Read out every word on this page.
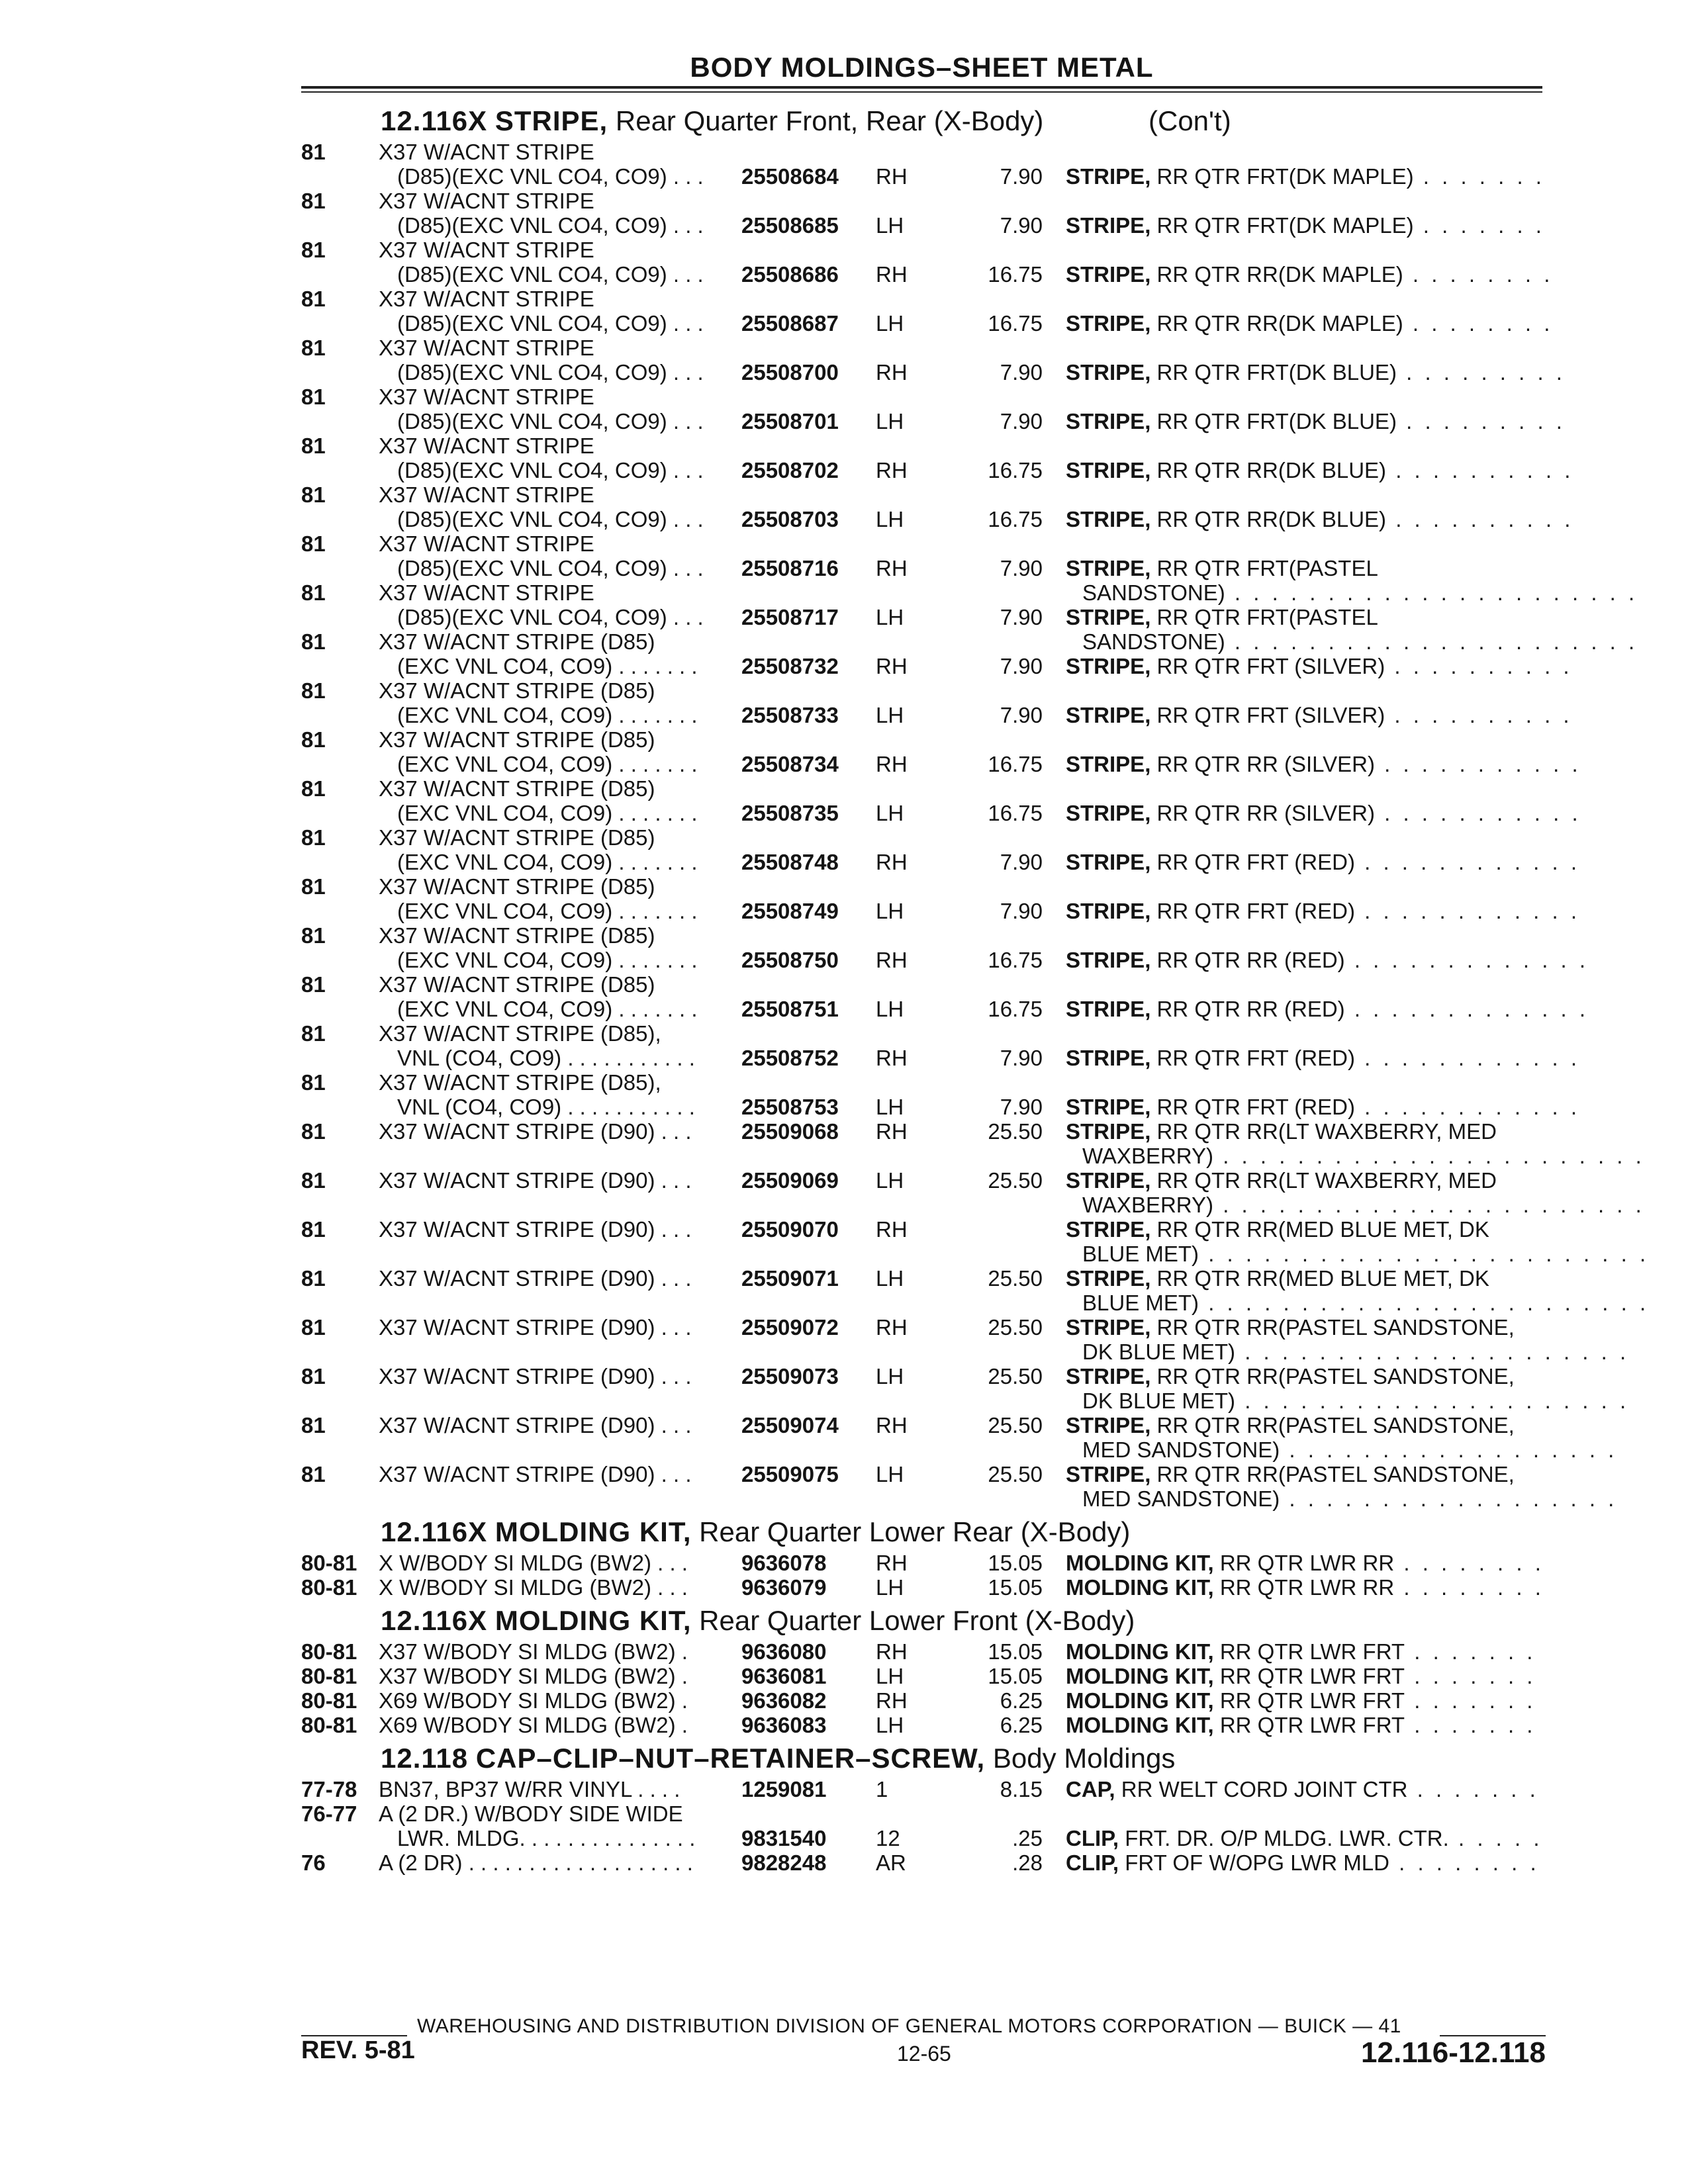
BODY MOLDINGS–SHEET METAL
12.116X STRIPE, Rear Quarter Front, Rear (X-Body)	(Con't)
81 X37 W/ACNT STRIPE
(D85)(EXC VNL CO4, CO9) . . .	25508684	RH	7.90 STRIPE, RR QTR FRT(DK MAPLE) . . . . . . .
81 X37 W/ACNT STRIPE
(D85)(EXC VNL CO4, CO9) . . .	25508685	LH	7.90 STRIPE, RR QTR FRT(DK MAPLE) . . . . . . .
81 X37 W/ACNT STRIPE
(D85)(EXC VNL CO4, CO9) . . .	25508686	RH	16.75 STRIPE, RR QTR RR(DK MAPLE) . . . . . . . .
81 X37 W/ACNT STRIPE
(D85)(EXC VNL CO4, CO9) . . .	25508687	LH	16.75 STRIPE, RR QTR RR(DK MAPLE) . . . . . . . .
81 X37 W/ACNT STRIPE
(D85)(EXC VNL CO4, CO9) . . .	25508700	RH	7.90 STRIPE, RR QTR FRT(DK BLUE) . . . . . . . . .
81 X37 W/ACNT STRIPE
(D85)(EXC VNL CO4, CO9) . . .	25508701	LH	7.90 STRIPE, RR QTR FRT(DK BLUE) . . . . . . . . .
81 X37 W/ACNT STRIPE
(D85)(EXC VNL CO4, CO9) . . .	25508702	RH	16.75 STRIPE, RR QTR RR(DK BLUE) . . . . . . . . . .
81 X37 W/ACNT STRIPE
(D85)(EXC VNL CO4, CO9) . . .	25508703	LH	16.75 STRIPE, RR QTR RR(DK BLUE) . . . . . . . . . .
81 X37 W/ACNT STRIPE
(D85)(EXC VNL CO4, CO9) . . .	25508716	RH	7.90 STRIPE, RR QTR FRT(PASTEL
SANDSTONE) . . . . . . . . . . . . . . . . . . . . . .
81 X37 W/ACNT STRIPE
(D85)(EXC VNL CO4, CO9) . . .	25508717	LH	7.90 STRIPE, RR QTR FRT(PASTEL
SANDSTONE) . . . . . . . . . . . . . . . . . . . . . .
81 X37 W/ACNT STRIPE (D85)
(EXC VNL CO4, CO9) . . . . . . .	25508732	RH	7.90 STRIPE, RR QTR FRT (SILVER) . . . . . . . . . .
81 X37 W/ACNT STRIPE (D85)
(EXC VNL CO4, CO9) . . . . . . .	25508733	LH	7.90 STRIPE, RR QTR FRT (SILVER) . . . . . . . . . .
81 X37 W/ACNT STRIPE (D85)
(EXC VNL CO4, CO9) . . . . . . .	25508734	RH	16.75 STRIPE, RR QTR RR (SILVER) . . . . . . . . . . .
81 X37 W/ACNT STRIPE (D85)
(EXC VNL CO4, CO9) . . . . . . .	25508735	LH	16.75 STRIPE, RR QTR RR (SILVER) . . . . . . . . . . .
81 X37 W/ACNT STRIPE (D85)
(EXC VNL CO4, CO9) . . . . . . .	25508748	RH	7.90 STRIPE, RR QTR FRT (RED) . . . . . . . . . . . .
81 X37 W/ACNT STRIPE (D85)
(EXC VNL CO4, CO9) . . . . . . .	25508749	LH	7.90 STRIPE, RR QTR FRT (RED) . . . . . . . . . . . .
81 X37 W/ACNT STRIPE (D85)
(EXC VNL CO4, CO9) . . . . . . .	25508750	RH	16.75 STRIPE, RR QTR RR (RED) . . . . . . . . . . . . .
81 X37 W/ACNT STRIPE (D85)
(EXC VNL CO4, CO9) . . . . . . .	25508751	LH	16.75 STRIPE, RR QTR RR (RED) . . . . . . . . . . . . .
81 X37 W/ACNT STRIPE (D85),
VNL (CO4, CO9) . . . . . . . . . . .	25508752	RH	7.90 STRIPE, RR QTR FRT (RED) . . . . . . . . . . . .
81 X37 W/ACNT STRIPE (D85),
VNL (CO4, CO9) . . . . . . . . . . .	25508753	LH	7.90 STRIPE, RR QTR FRT (RED) . . . . . . . . . . . .
81 X37 W/ACNT STRIPE (D90) . . .	25509068	RH	25.50 STRIPE, RR QTR RR(LT WAXBERRY, MED
WAXBERRY) . . . . . . . . . . . . . . . . . . . . . . .
81 X37 W/ACNT STRIPE (D90) . . .	25509069	LH	25.50 STRIPE, RR QTR RR(LT WAXBERRY, MED
WAXBERRY) . . . . . . . . . . . . . . . . . . . . . . .
81 X37 W/ACNT STRIPE (D90) . . .	25509070	RH	STRIPE, RR QTR RR(MED BLUE MET, DK
BLUE MET) . . . . . . . . . . . . . . . . . . . . . . . .
81 X37 W/ACNT STRIPE (D90) . . .	25509071	LH	25.50 STRIPE, RR QTR RR(MED BLUE MET, DK
BLUE MET) . . . . . . . . . . . . . . . . . . . . . . . .
81 X37 W/ACNT STRIPE (D90) . . .	25509072	RH	25.50 STRIPE, RR QTR RR(PASTEL SANDSTONE,
DK BLUE MET) . . . . . . . . . . . . . . . . . . . . .
81 X37 W/ACNT STRIPE (D90) . . .	25509073	LH	25.50 STRIPE, RR QTR RR(PASTEL SANDSTONE,
DK BLUE MET) . . . . . . . . . . . . . . . . . . . . .
81 X37 W/ACNT STRIPE (D90) . . .	25509074	RH	25.50 STRIPE, RR QTR RR(PASTEL SANDSTONE,
MED SANDSTONE) . . . . . . . . . . . . . . . . . .
81 X37 W/ACNT STRIPE (D90) . . .	25509075	LH	25.50 STRIPE, RR QTR RR(PASTEL SANDSTONE,
MED SANDSTONE) . . . . . . . . . . . . . . . . . .
12.116X MOLDING KIT, Rear Quarter Lower Rear (X-Body)
80-81 X W/BODY SI MLDG (BW2) . . .	9636078	RH	15.05 MOLDING KIT, RR QTR LWR RR . . . . . . . .
80-81 X W/BODY SI MLDG (BW2) . . .	9636079	LH	15.05 MOLDING KIT, RR QTR LWR RR . . . . . . . .
12.116X MOLDING KIT, Rear Quarter Lower Front (X-Body)
80-81 X37 W/BODY SI MLDG (BW2) .	9636080	RH	15.05 MOLDING KIT, RR QTR LWR FRT . . . . . . .
80-81 X37 W/BODY SI MLDG (BW2) .	9636081	LH	15.05 MOLDING KIT, RR QTR LWR FRT . . . . . . .
80-81 X69 W/BODY SI MLDG (BW2) .	9636082	RH	6.25 MOLDING KIT, RR QTR LWR FRT . . . . . . .
80-81 X69 W/BODY SI MLDG (BW2) .	9636083	LH	6.25 MOLDING KIT, RR QTR LWR FRT . . . . . . .
12.118 CAP–CLIP–NUT–RETAINER–SCREW, Body Moldings
77-78 BN37, BP37 W/RR VINYL . . . .	1259081	1	8.15 CAP, RR WELT CORD JOINT CTR . . . . . . .
76-77 A (2 DR.) W/BODY SIDE WIDE
LWR. MLDG. . . . . . . . . . . . . . .	9831540	12	.25 CLIP, FRT. DR. O/P MLDG. LWR. CTR. . . . . .
76 A (2 DR) . . . . . . . . . . . . . . . . . . .	9828248	AR	.28 CLIP, FRT OF W/OPG LWR MLD . . . . . . . .
WAREHOUSING AND DISTRIBUTION DIVISION OF GENERAL MOTORS CORPORATION — BUICK — 41
REV. 5-81	12-65	12.116-12.118
